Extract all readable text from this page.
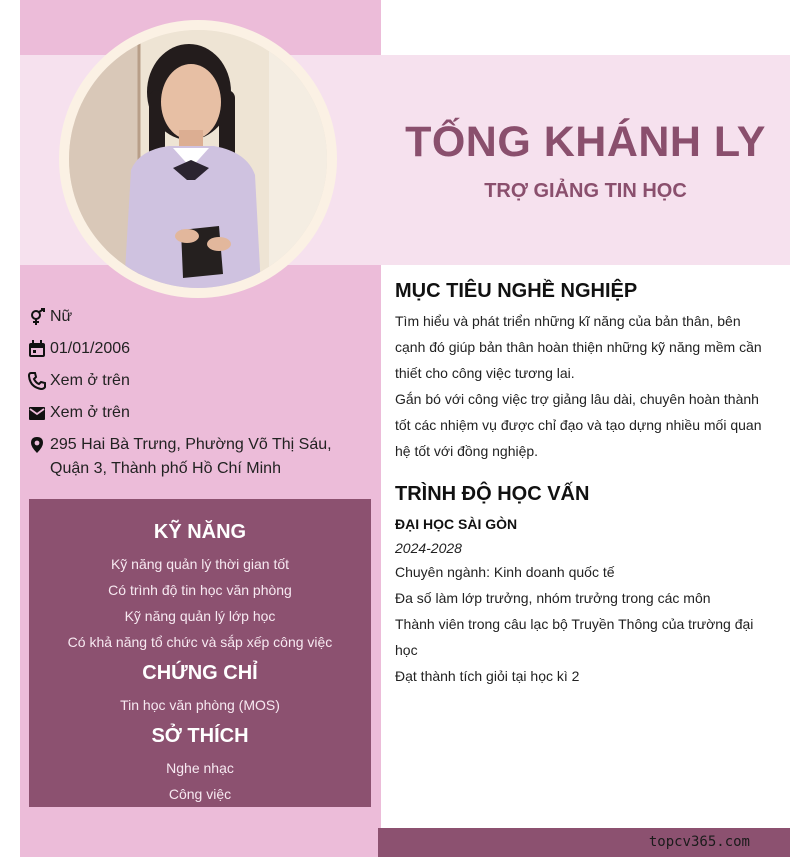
TỐNG KHÁNH LY
TRỢ GIẢNG TIN HỌC
Nữ
01/01/2006
Xem ở trên
Xem ở trên
295 Hai Bà Trưng, Phường Võ Thị Sáu, Quận 3, Thành phố Hồ Chí Minh
KỸ NĂNG
Kỹ năng quản lý thời gian tốt
Có trình độ tin học văn phòng
Kỹ năng quản lý lớp học
Có khả năng tổ chức và sắp xếp công việc
CHỨNG CHỈ
Tin học văn phòng (MOS)
SỞ THÍCH
Nghe nhạc
Công việc
MỤC TIÊU NGHỀ NGHIỆP
Tìm hiểu và phát triển những kĩ năng của bản thân, bên cạnh đó giúp bản thân hoàn thiện những kỹ năng mềm cần thiết cho công việc tương lai.
Gắn bó với công việc trợ giảng lâu dài, chuyên hoàn thành tốt các nhiệm vụ được chỉ đạo và tạo dựng nhiều mối quan hệ tốt với đồng nghiệp.
TRÌNH ĐỘ HỌC VẤN
ĐẠI HỌC SÀI GÒN
2024-2028
Chuyên ngành: Kinh doanh quốc tế
Đa số làm lớp trưởng, nhóm trưởng trong các môn
Thành viên trong câu lạc bộ Truyền Thông của trường đại học
Đạt thành tích giỏi tại học kì 2
topcv365.com
